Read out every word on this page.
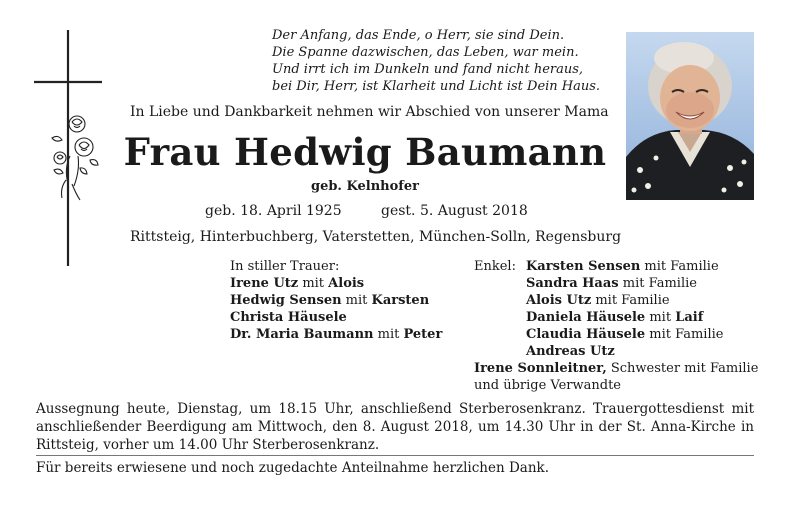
Der Anfang, das Ende, o Herr, sie sind Dein.
Die Spanne dazwischen, das Leben, war mein.
Und irrt ich im Dunkeln und fand nicht heraus,
bei Dir, Herr, ist Klarheit und Licht ist Dein Haus.
In Liebe und Dankbarkeit nehmen wir Abschied von unserer Mama
Frau Hedwig Baumann
geb. Kelnhofer
geb. 18. April 1925	gest. 5. August 2018
Rittsteig, Hinterbuchberg, Vaterstetten, München-Solln, Regensburg
In stiller Trauer:
Irene Utz mit Alois
Hedwig Sensen mit Karsten
Christa Häusele
Dr. Maria Baumann mit Peter
Enkel: Karsten Sensen mit Familie
Sandra Haas mit Familie
Alois Utz mit Familie
Daniela Häusele mit Laif
Claudia Häusele mit Familie
Andreas Utz
Irene Sonnleitner, Schwester mit Familie
und übrige Verwandte
Aussegnung heute, Dienstag, um 18.15 Uhr, anschließend Sterberosenkranz. Trauergottesdienst mit anschließender Beerdigung am Mittwoch, den 8. August 2018, um 14.30 Uhr in der St. Anna-Kirche in Rittsteig, vorher um 14.00 Uhr Sterberosenkranz.
Für bereits erwiesene und noch zugedachte Anteilnahme herzlichen Dank.
